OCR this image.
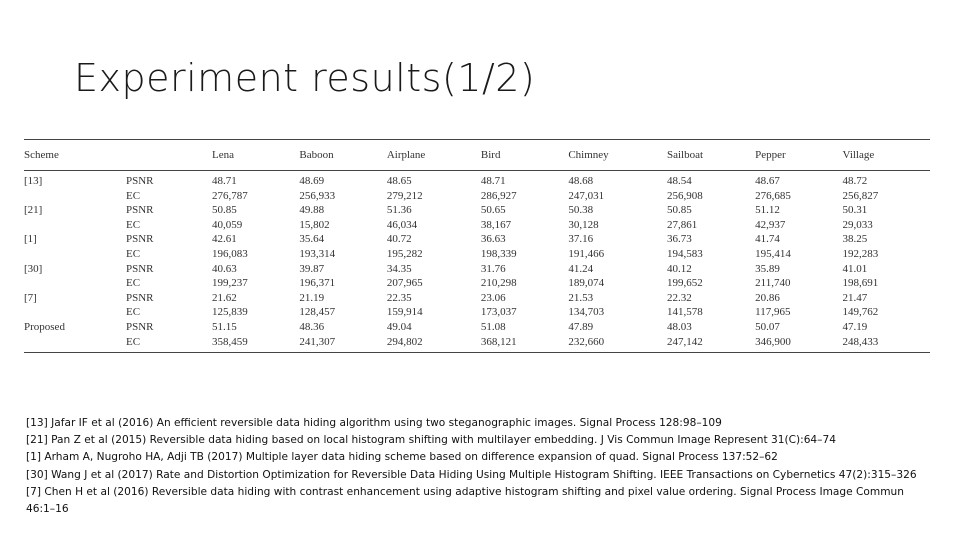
Experiment results(1/2)
Scheme		Lena	Baboon	Airplane	Bird	Chimney	Sailboat	Pepper	Village
[13]	PSNR	48.71	48.69	48.65	48.71	48.68	48.54	48.67	48.72
	EC	276,787	256,933	279,212	286,927	247,031	256,908	276,685	256,827
[21]	PSNR	50.85	49.88	51.36	50.65	50.38	50.85	51.12	50.31
	EC	40,059	15,802	46,034	38,167	30,128	27,861	42,937	29,033
[1]	PSNR	42.61	35.64	40.72	36.63	37.16	36.73	41.74	38.25
	EC	196,083	193,314	195,282	198,339	191,466	194,583	195,414	192,283
[30]	PSNR	40.63	39.87	34.35	31.76	41.24	40.12	35.89	41.01
	EC	199,237	196,371	207,965	210,298	189,074	199,652	211,740	198,691
[7]	PSNR	21.62	21.19	22.35	23.06	21.53	22.32	20.86	21.47
	EC	125,839	128,457	159,914	173,037	134,703	141,578	117,965	149,762
Proposed	PSNR	51.15	48.36	49.04	51.08	47.89	48.03	50.07	47.19
	EC	358,459	241,307	294,802	368,121	232,660	247,142	346,900	248,433
[13] Jafar IF et al (2016) An efficient reversible data hiding algorithm using two steganographic images. Signal Process 128:98–109
[21] Pan Z et al (2015) Reversible data hiding based on local histogram shifting with multilayer embedding. J Vis Commun Image Represent 31(C):64–74
[1] Arham A, Nugroho HA, Adji TB (2017) Multiple layer data hiding scheme based on difference expansion of quad. Signal Process 137:52–62
[30] Wang J et al (2017) Rate and Distortion Optimization for Reversible Data Hiding Using Multiple Histogram Shifting. IEEE Transactions on Cybernetics 47(2):315–326
[7] Chen H et al (2016) Reversible data hiding with contrast enhancement using adaptive histogram shifting and pixel value ordering. Signal Process Image Commun 46:1–16
